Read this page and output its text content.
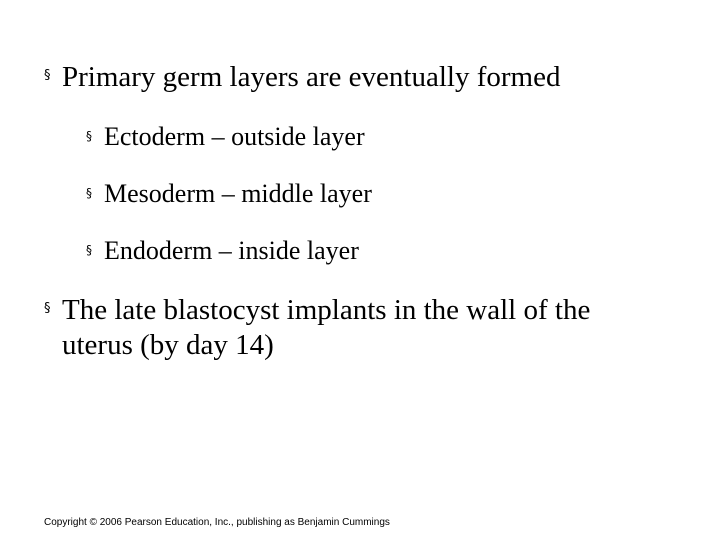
§ Primary germ layers are eventually formed
§ Ectoderm – outside layer
§ Mesoderm – middle layer
§ Endoderm – inside layer
§ The late blastocyst implants in the wall of the uterus (by day 14)
Copyright © 2006 Pearson Education, Inc., publishing as Benjamin Cummings
